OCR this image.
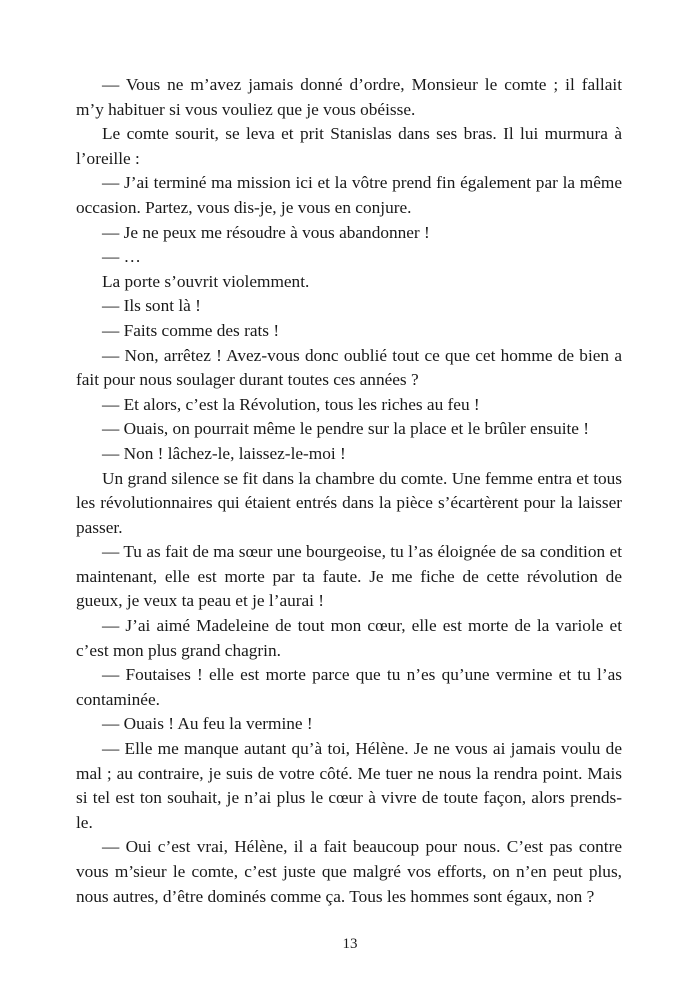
— Vous ne m’avez jamais donné d’ordre, Monsieur le comte ; il fallait m’y habituer si vous vouliez que je vous obéisse.

Le comte sourit, se leva et prit Stanislas dans ses bras. Il lui murmura à l’oreille :

— J’ai terminé ma mission ici et la vôtre prend fin également par la même occasion. Partez, vous dis-je, je vous en conjure.

— Je ne peux me résoudre à vous abandonner !

— …

La porte s’ouvrit violemment.

— Ils sont là !

— Faits comme des rats !

— Non, arrêtez ! Avez-vous donc oublié tout ce que cet homme de bien a fait pour nous soulager durant toutes ces années ?

— Et alors, c’est la Révolution, tous les riches au feu !

— Ouais, on pourrait même le pendre sur la place et le brûler ensuite !

— Non ! lâchez-le, laissez-le-moi !

Un grand silence se fit dans la chambre du comte. Une femme entra et tous les révolutionnaires qui étaient entrés dans la pièce s’écartèrent pour la laisser passer.

— Tu as fait de ma sœur une bourgeoise, tu l’as éloignée de sa condition et maintenant, elle est morte par ta faute. Je me fiche de cette révolution de gueux, je veux ta peau et je l’aurai !

— J’ai aimé Madeleine de tout mon cœur, elle est morte de la variole et c’est mon plus grand chagrin.

— Foutaises ! elle est morte parce que tu n’es qu’une vermine et tu l’as contaminée.

— Ouais ! Au feu la vermine !

— Elle me manque autant qu’à toi, Hélène. Je ne vous ai jamais voulu de mal ; au contraire, je suis de votre côté. Me tuer ne nous la rendra point. Mais si tel est ton souhait, je n’ai plus le cœur à vivre de toute façon, alors prends-le.

— Oui c’est vrai, Hélène, il a fait beaucoup pour nous. C’est pas contre vous m’sieur le comte, c’est juste que malgré vos efforts, on n’en peut plus, nous autres, d’être dominés comme ça. Tous les hommes sont égaux, non ?

13
